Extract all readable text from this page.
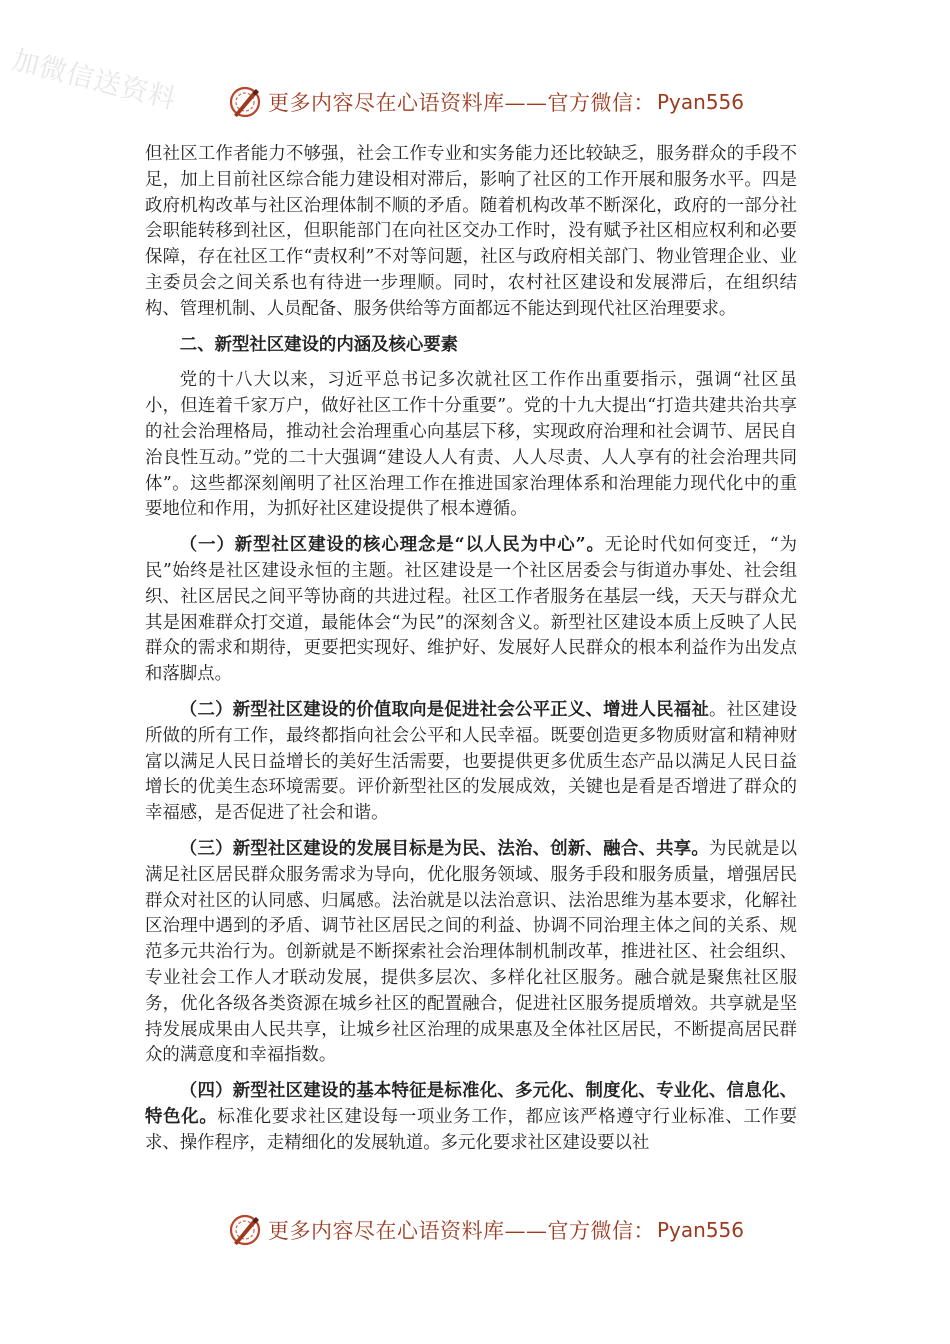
加微信送资料	更多内容尽在心语资料库——官方微信： Pyan556

但社区工作者能力不够强，社会工作专业和实务能力还比较缺乏，服务群众的手段不足，加上目前社区综合能力建设相对滞后，影响了社区的工作开展和服务水平。四是政府机构改革与社区治理体制不顺的矛盾。随着机构改革不断深化，政府的一部分社会职能转移到社区，但职能部门在向社区交办工作时，没有赋予社区相应权利和必要保障，存在社区工作“责权利”不对等问题，社区与政府相关部门、物业管理企业、业主委员会之间关系也有待进一步理顺。同时，农村社区建设和发展滞后，在组织结构、管理机制、人员配备、服务供给等方面都远不能达到现代社区治理要求。

二、新型社区建设的内涵及核心要素

党的十八大以来，习近平总书记多次就社区工作作出重要指示，强调“社区虽小，但连着千家万户，做好社区工作十分重要”。党的十九大提出“打造共建共治共享的社会治理格局，推动社会治理重心向基层下移，实现政府治理和社会调节、居民自治良性互动。”党的二十大强调“建设人人有责、人人尽责、人人享有的社会治理共同体”。这些都深刻阐明了社区治理工作在推进国家治理体系和治理能力现代化中的重要地位和作用，为抓好社区建设提供了根本遵循。

（一）新型社区建设的核心理念是“以人民为中心”。无论时代如何变迁，“为民”始终是社区建设永恒的主题。社区建设是一个社区居委会与街道办事处、社会组织、社区居民之间平等协商的共进过程。社区工作者服务在基层一线，天天与群众尤其是困难群众打交道，最能体会“为民”的深刻含义。新型社区建设本质上反映了人民群众的需求和期待，更要把实现好、维护好、发展好人民群众的根本利益作为出发点和落脚点。

（二）新型社区建设的价值取向是促进社会公平正义、增进人民福祉。社区建设所做的所有工作，最终都指向社会公平和人民幸福。既要创造更多物质财富和精神财富以满足人民日益增长的美好生活需要，也要提供更多优质生态产品以满足人民日益增长的优美生态环境需要。评价新型社区的发展成效，关键也是看是否增进了群众的幸福感，是否促进了社会和谐。

（三）新型社区建设的发展目标是为民、法治、创新、融合、共享。为民就是以满足社区居民群众服务需求为导向，优化服务领域、服务手段和服务质量，增强居民群众对社区的认同感、归属感。法治就是以法治意识、法治思维为基本要求，化解社区治理中遇到的矛盾、调节社区居民之间的利益、协调不同治理主体之间的关系、规范多元共治行为。创新就是不断探索社会治理体制机制改革，推进社区、社会组织、专业社会工作人才联动发展，提供多层次、多样化社区服务。融合就是聚焦社区服务，优化各级各类资源在城乡社区的配置融合，促进社区服务提质增效。共享就是坚持发展成果由人民共享，让城乡社区治理的成果惠及全体社区居民，不断提高居民群众的满意度和幸福指数。

（四）新型社区建设的基本特征是标准化、多元化、制度化、专业化、信息化、特色化。标准化要求社区建设每一项业务工作，都应该严格遵守行业标准、工作要求、操作程序，走精细化的发展轨道。多元化要求社区建设要以社

更多内容尽在心语资料库——官方微信： Pyan556
